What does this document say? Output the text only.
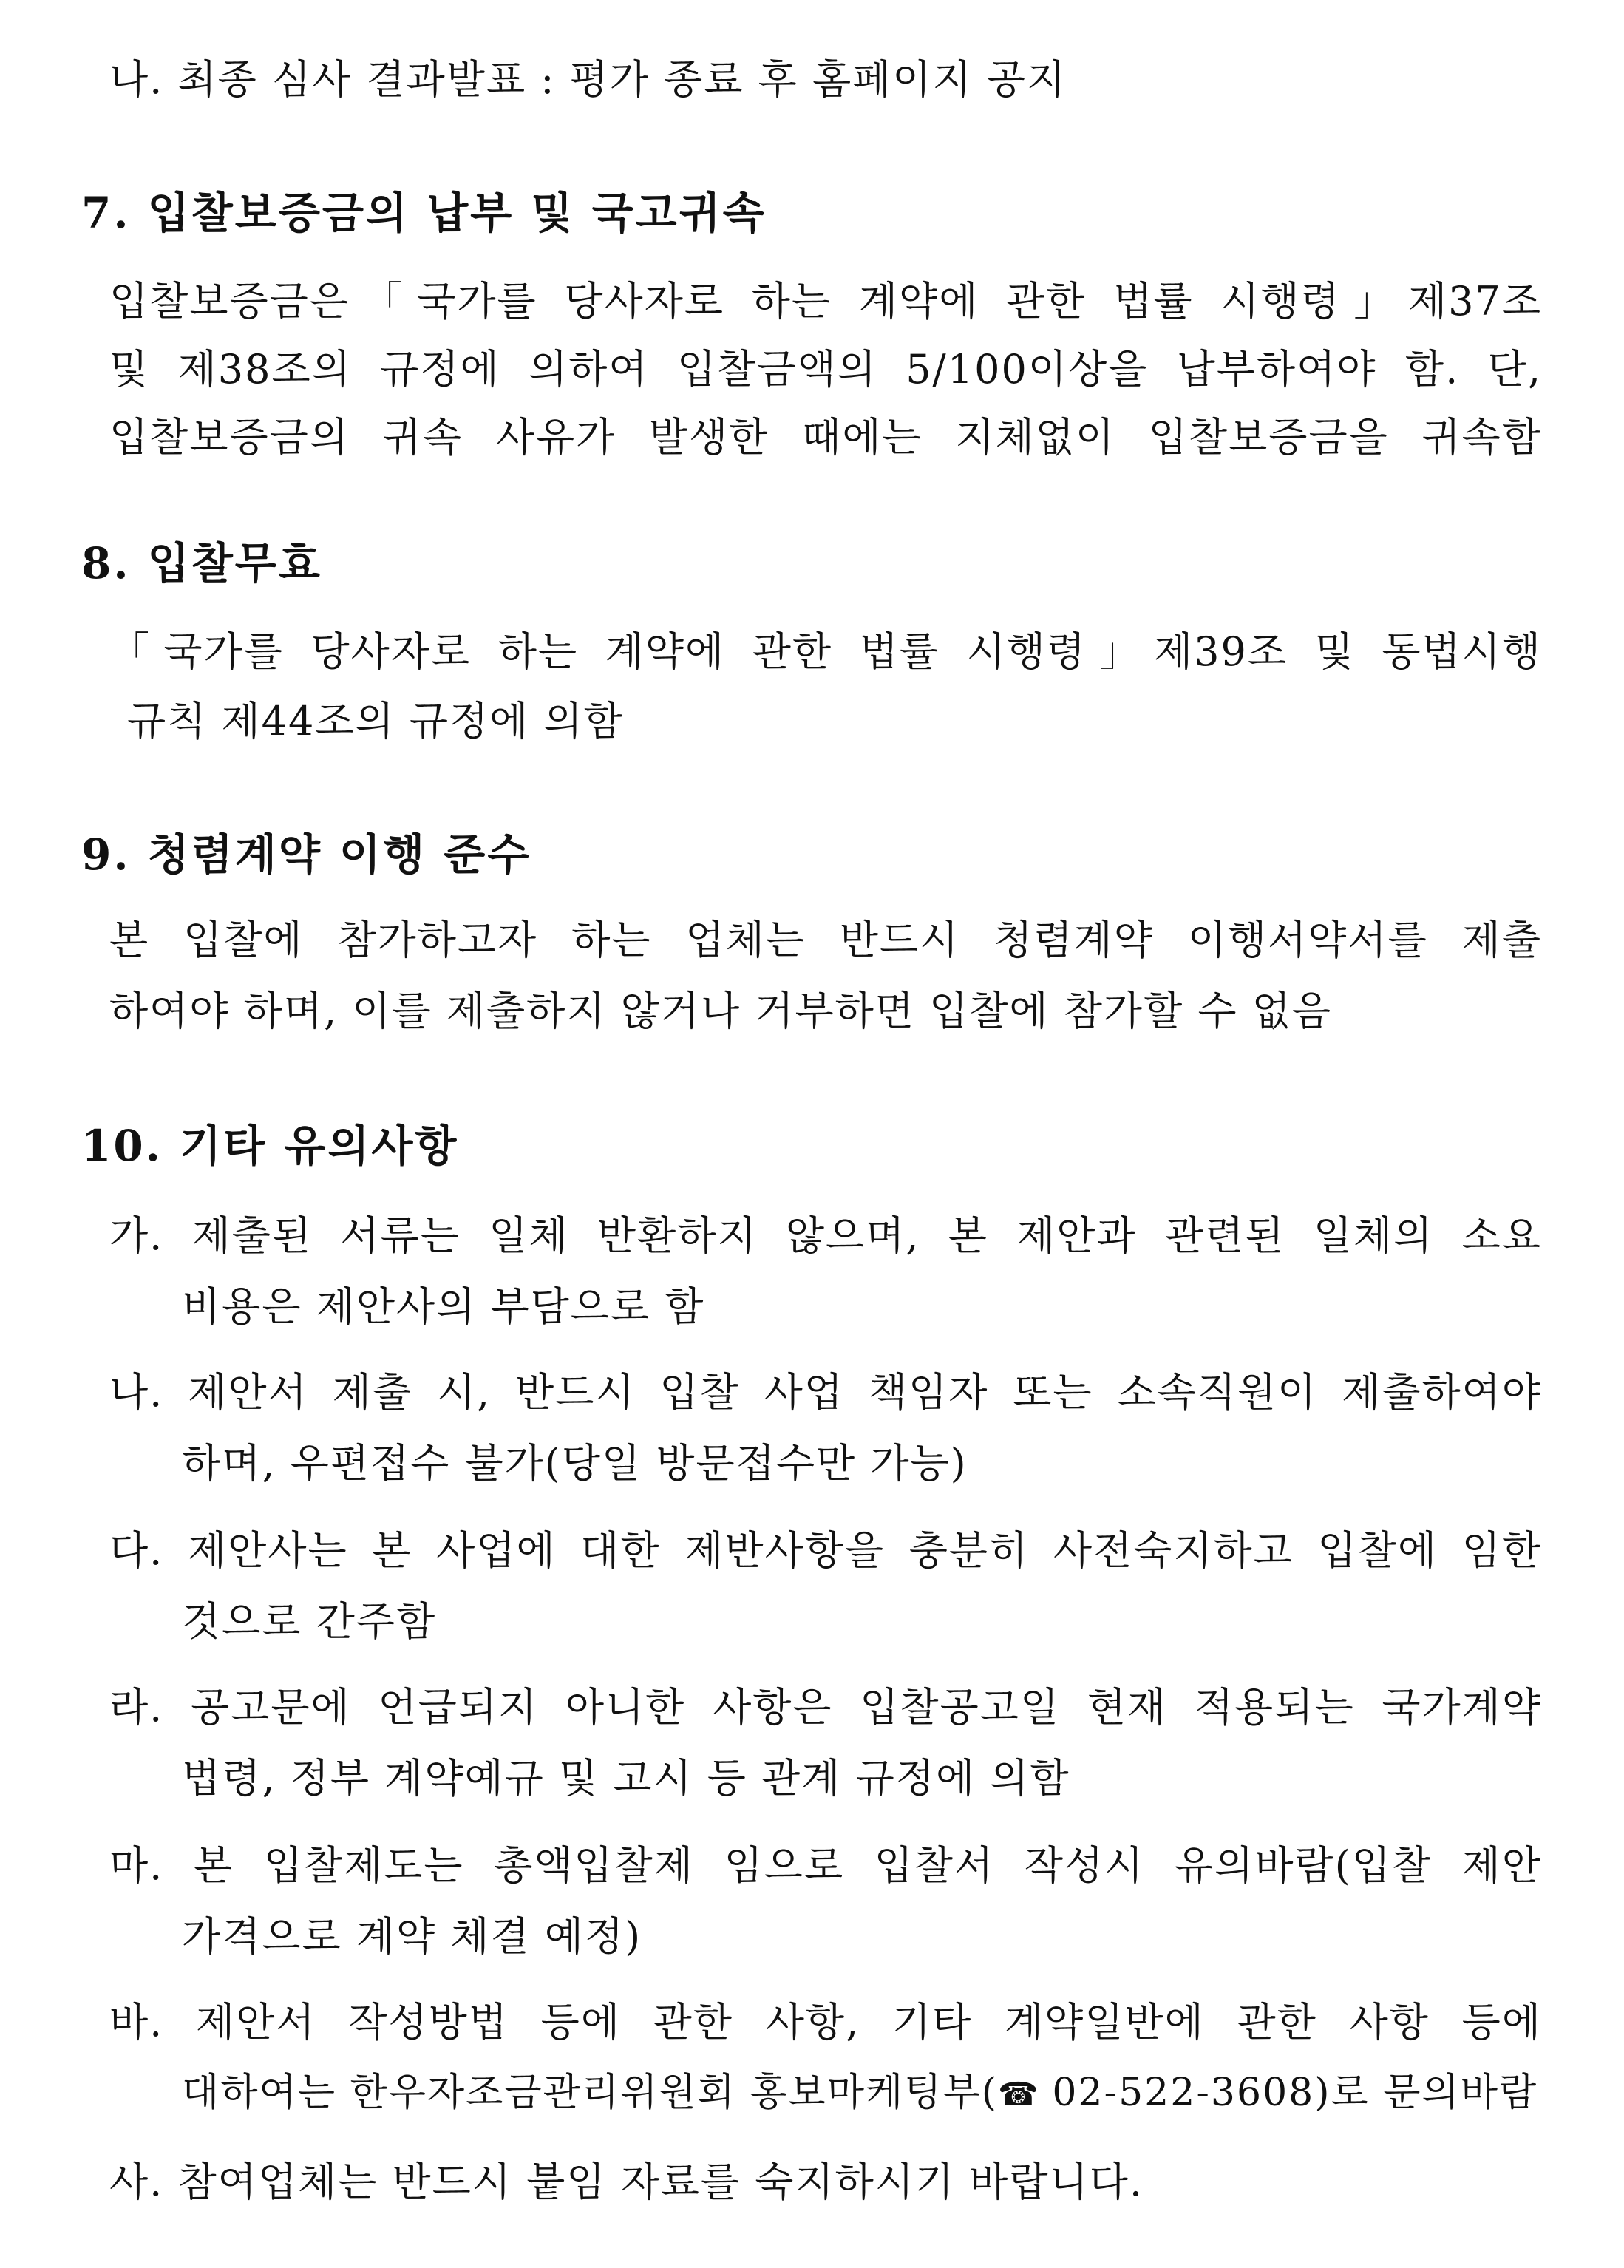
나. 최종 심사 결과발표 : 평가 종료 후 홈페이지 공지

7. 입찰보증금의 납부 및 국고귀속

입찰보증금은「국가를 당사자로 하는 계약에 관한 법률 시행령」제37조

및 제38조의 규정에 의하여 입찰금액의 5/100이상을 납부하여야 함. 단,

입찰보증금의 귀속 사유가 발생한 때에는 지체없이 입찰보증금을 귀속함

8. 입찰무효

「국가를 당사자로 하는 계약에 관한 법률 시행령」제39조 및 동법시행

규칙 제44조의 규정에 의함

9. 청렴계약 이행 준수

본 입찰에 참가하고자 하는 업체는 반드시 청렴계약 이행서약서를 제출

하여야 하며, 이를 제출하지 않거나 거부하면 입찰에 참가할 수 없음

10. 기타 유의사항

가. 제출된 서류는 일체 반환하지 않으며, 본 제안과 관련된 일체의 소요

비용은 제안사의 부담으로 함

나. 제안서 제출 시, 반드시 입찰 사업 책임자 또는 소속직원이 제출하여야

하며, 우편접수 불가(당일 방문접수만 가능)

다. 제안사는 본 사업에 대한 제반사항을 충분히 사전숙지하고 입찰에 임한

것으로 간주함

라. 공고문에 언급되지 아니한 사항은 입찰공고일 현재 적용되는 국가계약

법령, 정부 계약예규 및 고시 등 관계 규정에 의함

마. 본 입찰제도는 총액입찰제 임으로 입찰서 작성시 유의바람(입찰 제안

가격으로 계약 체결 예정)

바. 제안서 작성방법 등에 관한 사항, 기타 계약일반에 관한 사항 등에

대하여는 한우자조금관리위원회 홍보마케팅부(☎ 02-522-3608)로 문의바람

사. 참여업체는 반드시 붙임 자료를 숙지하시기 바랍니다.
